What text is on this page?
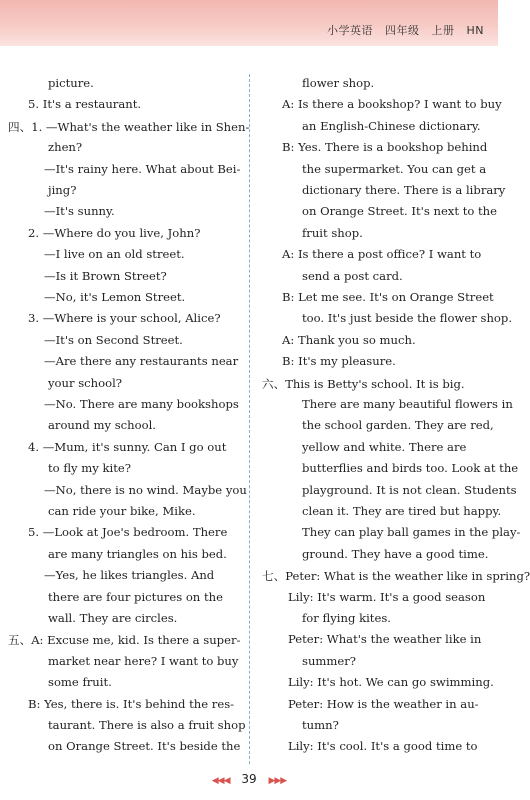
小学英语 四年级 上册 HN
picture.
5. It's a restaurant.
四、1. —What's the weather like in Shen-
zhen?
—It's rainy here. What about Bei-
jing?
—It's sunny.
2. —Where do you live, John?
—I live on an old street.
—Is it Brown Street?
—No, it's Lemon Street.
3. —Where is your school, Alice?
—It's on Second Street.
—Are there any restaurants near
your school?
—No. There are many bookshops
around my school.
4. —Mum, it's sunny. Can I go out
to fly my kite?
—No, there is no wind. Maybe you
can ride your bike, Mike.
5. —Look at Joe's bedroom. There
are many triangles on his bed.
—Yes, he likes triangles. And
there are four pictures on the
wall. They are circles.
五、A: Excuse me, kid. Is there a super-
market near here? I want to buy
some fruit.
B: Yes, there is. It's behind the res-
taurant. There is also a fruit shop
on Orange Street. It's beside the
flower shop.
A: Is there a bookshop? I want to buy
an English-Chinese dictionary.
B: Yes. There is a bookshop behind
the supermarket. You can get a
dictionary there. There is a library
on Orange Street. It's next to the
fruit shop.
A: Is there a post office? I want to
send a post card.
B: Let me see. It's on Orange Street
too. It's just beside the flower shop.
A: Thank you so much.
B: It's my pleasure.
六、This is Betty's school. It is big.
There are many beautiful flowers in
the school garden. They are red,
yellow and white. There are
butterflies and birds too. Look at the
playground. It is not clean. Students
clean it. They are tired but happy.
They can play ball games in the play-
ground. They have a good time.
七、Peter: What is the weather like in spring?
Lily: It's warm. It's a good season
for flying kites.
Peter: What's the weather like in
summer?
Lily: It's hot. We can go swimming.
Peter: How is the weather in au-
tumn?
Lily: It's cool. It's a good time to
◀◀◀ 39 ▶▶▶
